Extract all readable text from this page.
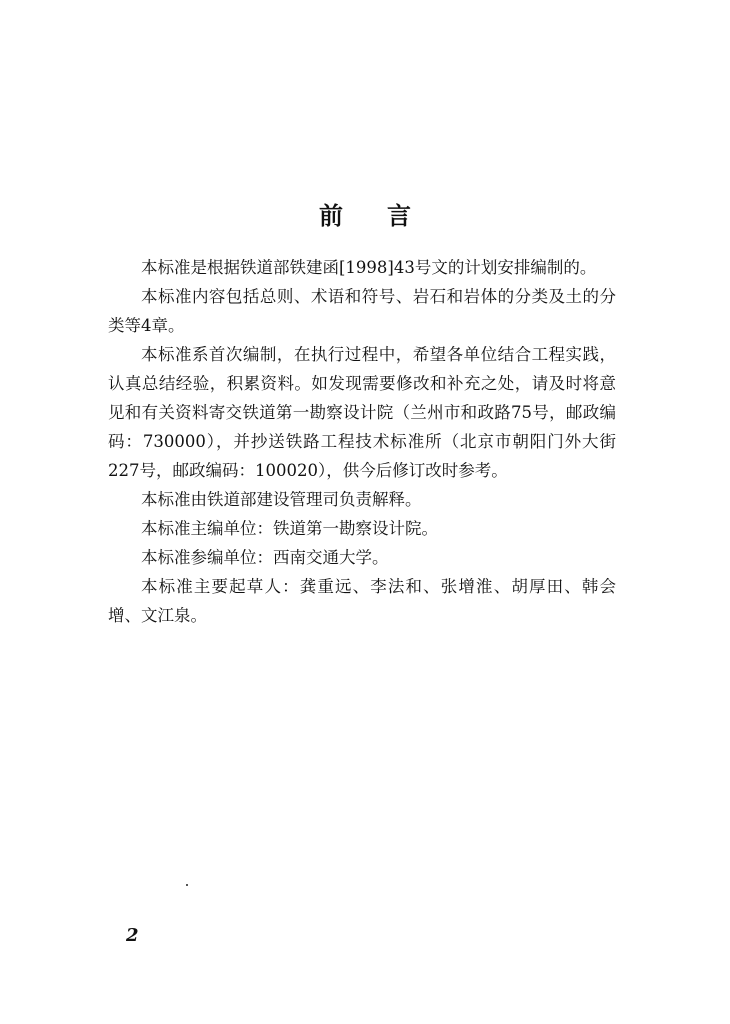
前言

本标准是根据铁道部铁建函[1998]43号文的计划安排编制的。

本标准内容包括总则、术语和符号、岩石和岩体的分类及土的分类等4章。

本标准系首次编制，在执行过程中，希望各单位结合工程实践，认真总结经验，积累资料。如发现需要修改和补充之处，请及时将意见和有关资料寄交铁道第一勘察设计院（兰州市和政路75号，邮政编码：730000），并抄送铁路工程技术标准所（北京市朝阳门外大街227号，邮政编码：100020），供今后修订改时参考。

本标准由铁道部建设管理司负责解释。

本标准主编单位：铁道第一勘察设计院。

本标准参编单位：西南交通大学。

本标准主要起草人：龚重远、李法和、张增淮、胡厚田、韩会增、文江泉。

2
